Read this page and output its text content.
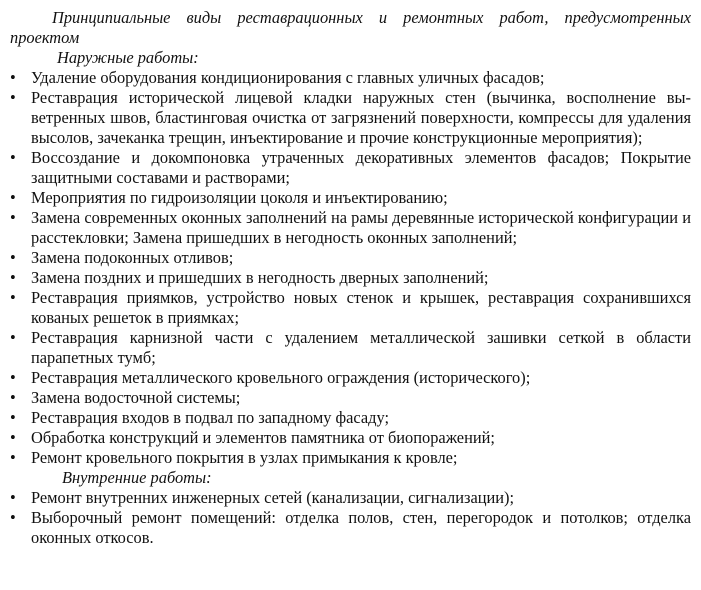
Принципиальные виды реставрационных и ремонтных работ, предусмотренных проектом

Наружные работы:

• Удаление оборудования кондиционирования с главных уличных фасадов;
• Реставрация исторической лицевой кладки наружных стен (вычинка, восполнение выветренных швов, бластинговая очистка от загрязнений поверхности, компрессы для удаления высолов, зачеканка трещин, инъектирование и прочие конструкционные мероприятия);
• Воссоздание и докомпоновка утраченных декоративных элементов фасадов; Покрытие защитными составами и растворами;
• Мероприятия по гидроизоляции цоколя и инъектированию;
• Замена современных оконных заполнений на рамы деревянные исторической конфигурации и расстекловки; Замена пришедших в негодность оконных заполнений;
• Замена подоконных отливов;
• Замена поздних и пришедших в негодность дверных заполнений;
• Реставрация приямков, устройство новых стенок и крышек, реставрация сохранившихся кованых решеток в приямках;
• Реставрация карнизной части с удалением металлической зашивки сеткой в области парапетных тумб;
• Реставрация металлического кровельного ограждения (исторического);
• Замена водосточной системы;
• Реставрация входов в подвал по западному фасаду;
• Обработка конструкций и элементов памятника от биопоражений;
• Ремонт кровельного покрытия в узлах примыкания к кровле;

Внутренние работы:

• Ремонт внутренних инженерных сетей (канализации, сигнализации);
• Выборочный ремонт помещений: отделка полов, стен, перегородок и потолков; отделка оконных откосов.
